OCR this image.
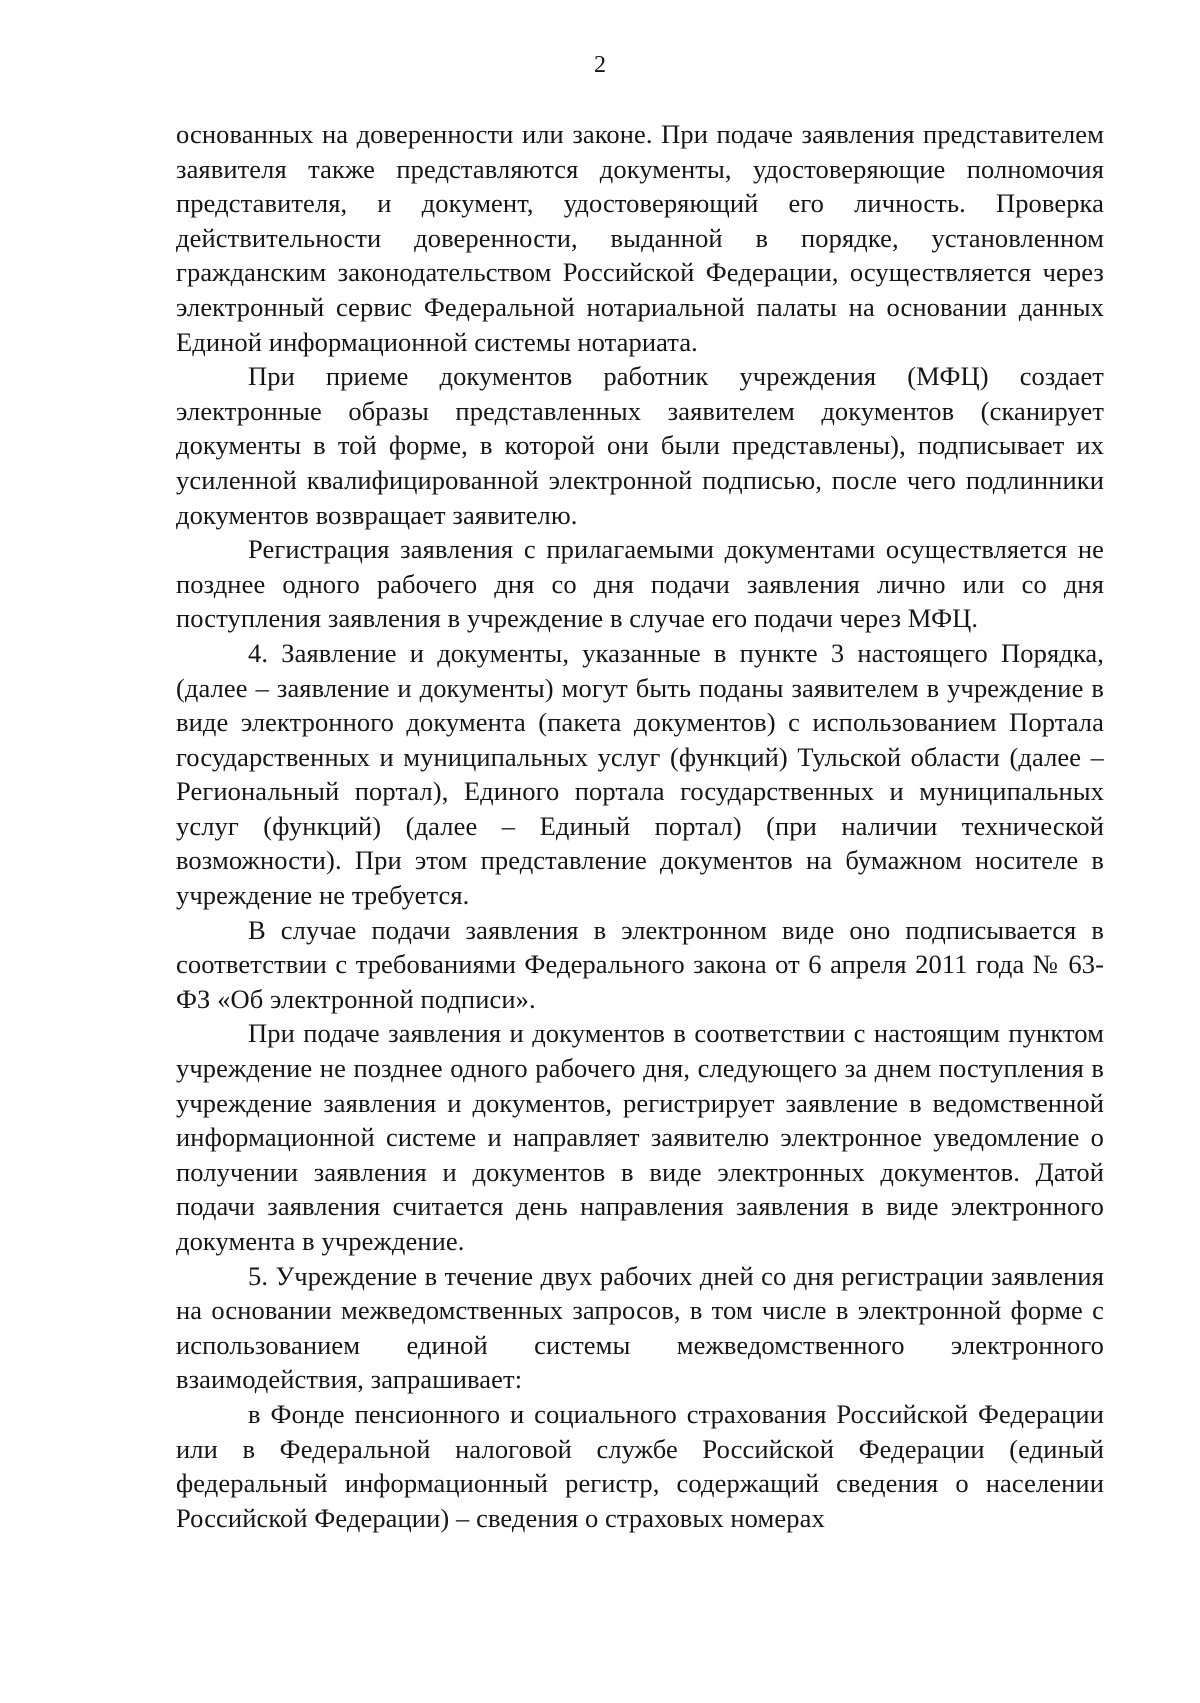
2

основанных на доверенности или законе. При подаче заявления представителем заявителя также представляются документы, удостоверяющие полномочия представителя, и документ, удостоверяющий его личность. Проверка действительности доверенности, выданной в порядке, установленном гражданским законодательством Российской Федерации, осуществляется через электронный сервис Федеральной нотариальной палаты на основании данных Единой информационной системы нотариата.

При приеме документов работник учреждения (МФЦ) создает электронные образы представленных заявителем документов (сканирует документы в той форме, в которой они были представлены), подписывает их усиленной квалифицированной электронной подписью, после чего подлинники документов возвращает заявителю.

Регистрация заявления с прилагаемыми документами осуществляется не позднее одного рабочего дня со дня подачи заявления лично или со дня поступления заявления в учреждение в случае его подачи через МФЦ.

4. Заявление и документы, указанные в пункте 3 настоящего Порядка, (далее – заявление и документы) могут быть поданы заявителем в учреждение в виде электронного документа (пакета документов) с использованием Портала государственных и муниципальных услуг (функций) Тульской области (далее – Региональный портал), Единого портала государственных и муниципальных услуг (функций) (далее – Единый портал) (при наличии технической возможности). При этом представление документов на бумажном носителе в учреждение не требуется.

В случае подачи заявления в электронном виде оно подписывается в соответствии с требованиями Федерального закона от 6 апреля 2011 года № 63-ФЗ «Об электронной подписи».

При подаче заявления и документов в соответствии с настоящим пунктом учреждение не позднее одного рабочего дня, следующего за днем поступления в учреждение заявления и документов, регистрирует заявление в ведомственной информационной системе и направляет заявителю электронное уведомление о получении заявления и документов в виде электронных документов. Датой подачи заявления считается день направления заявления в виде электронного документа в учреждение.

5. Учреждение в течение двух рабочих дней со дня регистрации заявления на основании межведомственных запросов, в том числе в электронной форме с использованием единой системы межведомственного электронного взаимодействия, запрашивает:

в Фонде пенсионного и социального страхования Российской Федерации или в Федеральной налоговой службе Российской Федерации (единый федеральный информационный регистр, содержащий сведения о населении Российской Федерации) – сведения о страховых номерах
